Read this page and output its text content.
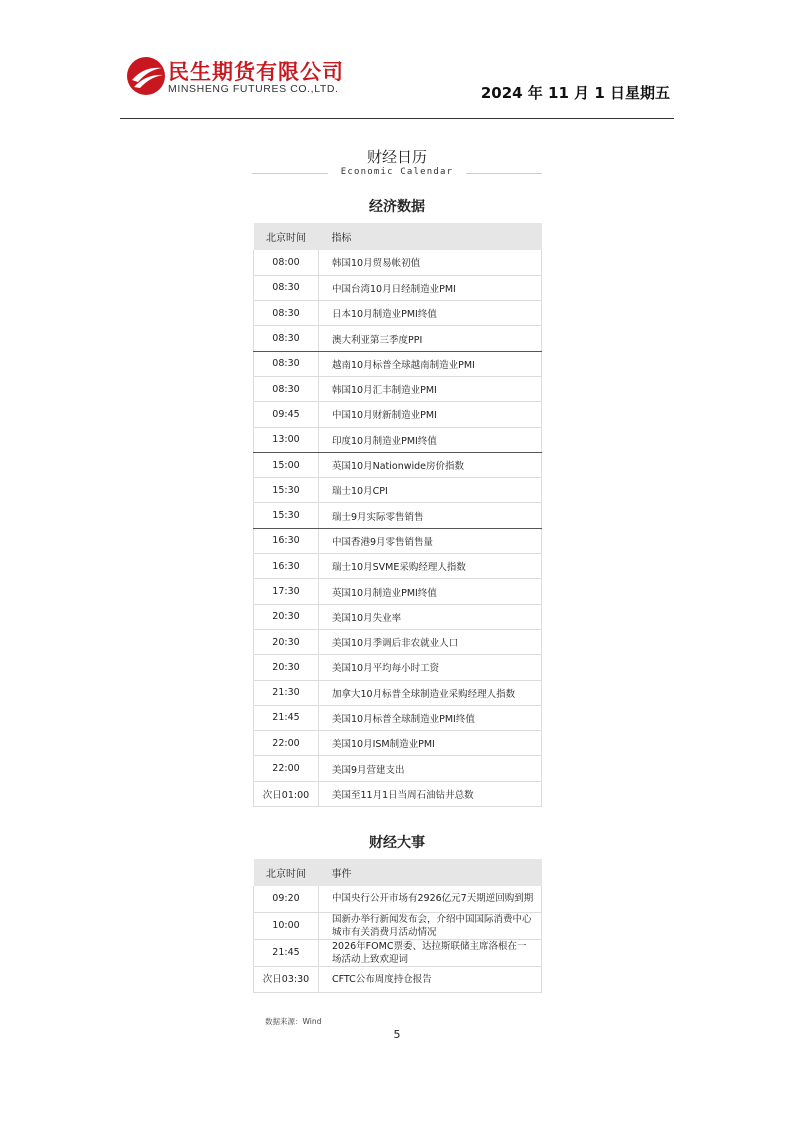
民生期货有限公司
MINSHENG FUTURES CO.,LTD.	2024 年 11 月 1 日星期五
财经日历
Economic Calendar
经济数据
北京时间	指标
08:00	韩国10月贸易帐初值
08:30	中国台湾10月日经制造业PMI
08:30	日本10月制造业PMI终值
08:30	澳大利亚第三季度PPI
08:30	越南10月标普全球越南制造业PMI
08:30	韩国10月汇丰制造业PMI
09:45	中国10月财新制造业PMI
13:00	印度10月制造业PMI终值
15:00	英国10月Nationwide房价指数
15:30	瑞士10月CPI
15:30	瑞士9月实际零售销售
16:30	中国香港9月零售销售量
16:30	瑞士10月SVME采购经理人指数
17:30	英国10月制造业PMI终值
20:30	美国10月失业率
20:30	美国10月季调后非农就业人口
20:30	美国10月平均每小时工资
21:30	加拿大10月标普全球制造业采购经理人指数
21:45	美国10月标普全球制造业PMI终值
22:00	美国10月ISM制造业PMI
22:00	美国9月营建支出
次日01:00	美国至11月1日当周石油钻井总数
财经大事
北京时间	事件
09:20	中国央行公开市场有2926亿元7天期逆回购到期
10:00	国新办举行新闻发布会，介绍中国国际消费中心城市有关消费月活动情况
21:45	2026年FOMC票委、达拉斯联储主席洛根在一场活动上致欢迎词
次日03:30	CFTC公布周度持仓报告
数据来源：Wind
5
